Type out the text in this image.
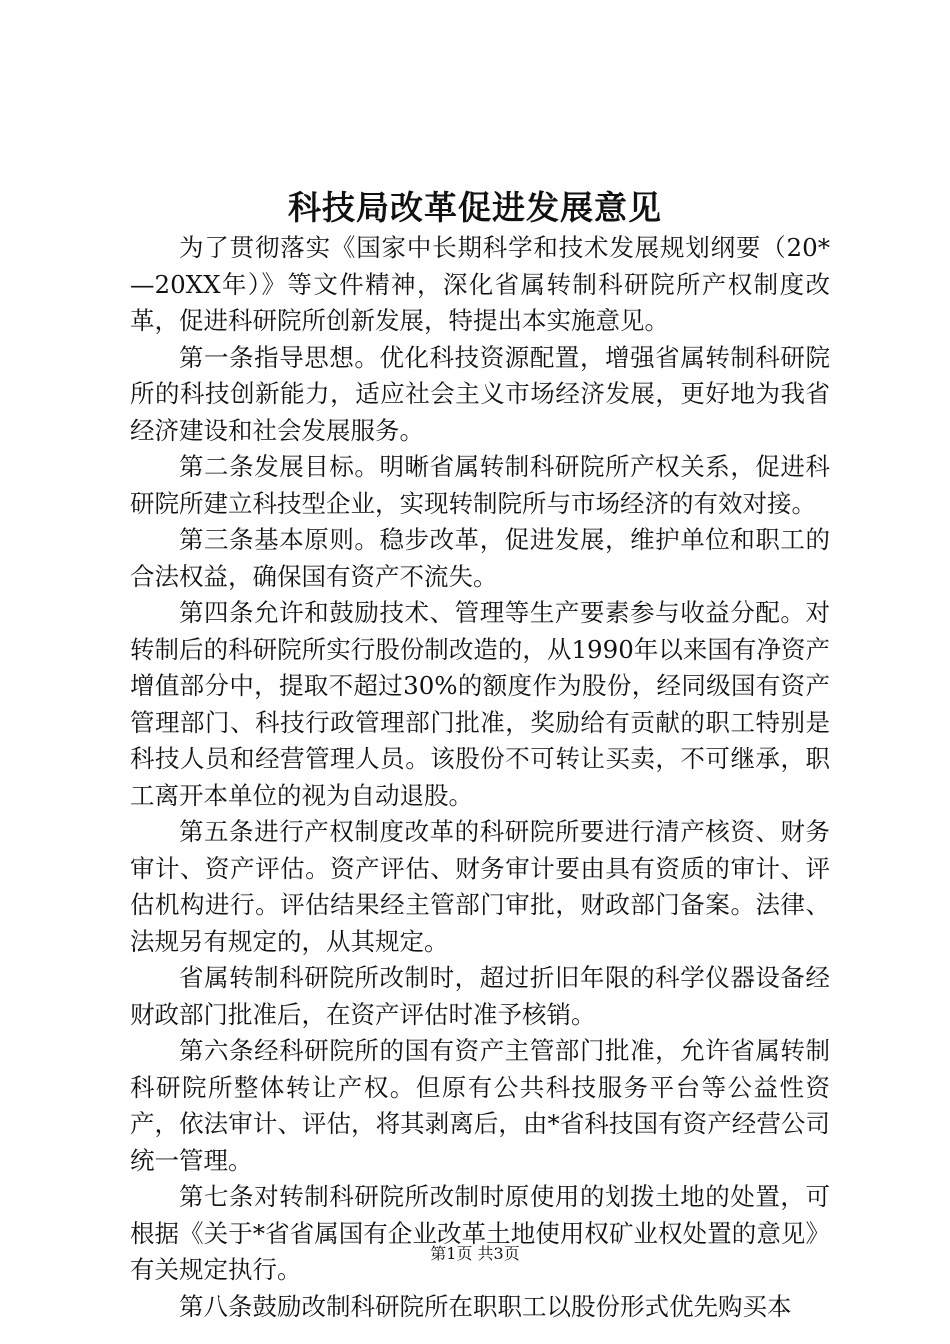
科技局改革促进发展意见

为了贯彻落实《国家中长期科学和技术发展规划纲要（20*—20XX年）》等文件精神，深化省属转制科研院所产权制度改革，促进科研院所创新发展，特提出本实施意见。

第一条指导思想。优化科技资源配置，增强省属转制科研院所的科技创新能力，适应社会主义市场经济发展，更好地为我省经济建设和社会发展服务。

第二条发展目标。明晰省属转制科研院所产权关系，促进科研院所建立科技型企业，实现转制院所与市场经济的有效对接。

第三条基本原则。稳步改革，促进发展，维护单位和职工的合法权益，确保国有资产不流失。

第四条允许和鼓励技术、管理等生产要素参与收益分配。对转制后的科研院所实行股份制改造的，从1990年以来国有净资产增值部分中，提取不超过30%的额度作为股份，经同级国有资产管理部门、科技行政管理部门批准，奖励给有贡献的职工特别是科技人员和经营管理人员。该股份不可转让买卖，不可继承，职工离开本单位的视为自动退股。

第五条进行产权制度改革的科研院所要进行清产核资、财务审计、资产评估。资产评估、财务审计要由具有资质的审计、评估机构进行。评估结果经主管部门审批，财政部门备案。法律、法规另有规定的，从其规定。

省属转制科研院所改制时，超过折旧年限的科学仪器设备经财政部门批准后，在资产评估时准予核销。

第六条经科研院所的国有资产主管部门批准，允许省属转制科研院所整体转让产权。但原有公共科技服务平台等公益性资产，依法审计、评估，将其剥离后，由*省科技国有资产经营公司统一管理。

第七条对转制科研院所改制时原使用的划拨土地的处置，可根据《关于*省省属国有企业改革土地使用权矿业权处置的意见》有关规定执行。

第八条鼓励改制科研院所在职职工以股份形式优先购买本

第1页 共3页
